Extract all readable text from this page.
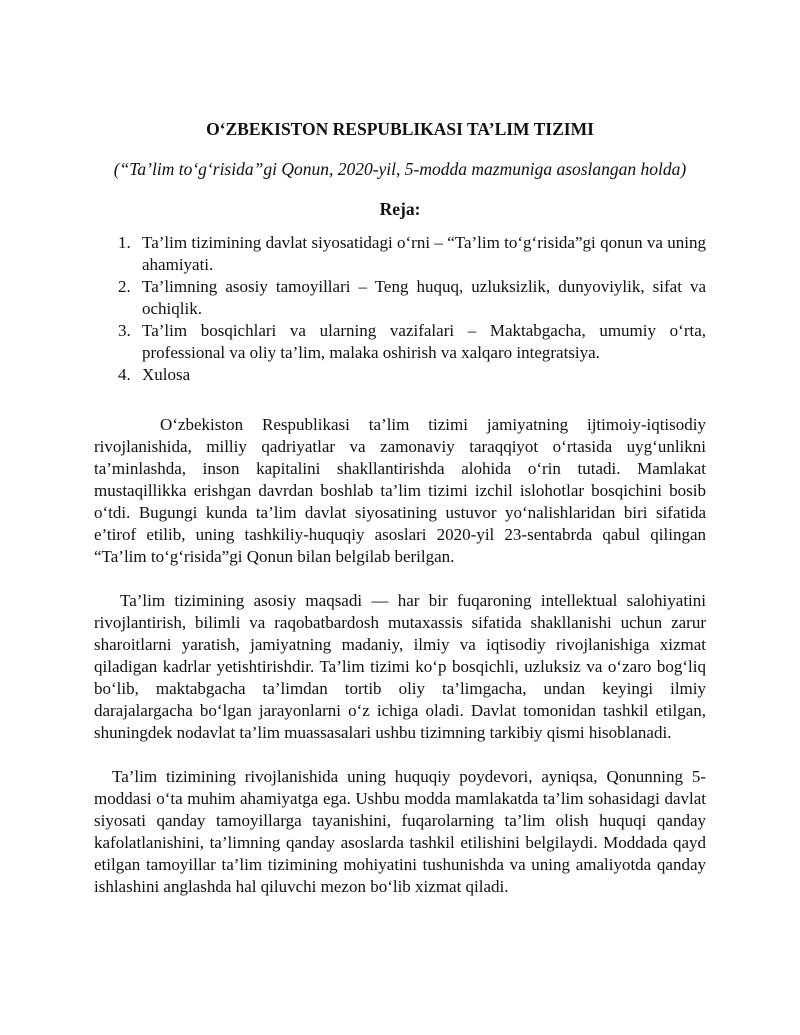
O‘ZBEKISTON RESPUBLIKASI TA’LIM TIZIMI

(“Ta’lim to‘g‘risida”gi Qonun, 2020-yil, 5-modda mazmuniga asoslangan holda)

Reja:

1. Ta’lim tizimining davlat siyosatidagi o‘rni – “Ta’lim to‘g‘risida”gi qonun va uning ahamiyati.
2. Ta’limning asosiy tamoyillari – Teng huquq, uzluksizlik, dunyoviylik, sifat va ochiqlik.
3. Ta’lim bosqichlari va ularning vazifalari – Maktabgacha, umumiy o‘rta, professional va oliy ta’lim, malaka oshirish va xalqaro integratsiya.
4. Xulosa

O‘zbekiston Respublikasi ta’lim tizimi jamiyatning ijtimoiy-iqtisodiy rivojlanishida, milliy qadriyatlar va zamonaviy taraqqiyot o‘rtasida uyg‘unlikni ta’minlashda, inson kapitalini shakllantirishda alohida o‘rin tutadi. Mamlakat mustaqillikka erishgan davrdan boshlab ta’lim tizimi izchil islohotlar bosqichini bosib o‘tdi. Bugungi kunda ta’lim davlat siyosatining ustuvor yo‘nalishlaridan biri sifatida e’tirof etilib, uning tashkiliy-huquqiy asoslari 2020-yil 23-sentabrda qabul qilingan “Ta’lim to‘g‘risida”gi Qonun bilan belgilab berilgan.

Ta’lim tizimining asosiy maqsadi — har bir fuqaroning intellektual salohiyatini rivojlantirish, bilimli va raqobatbardosh mutaxassis sifatida shakllanishi uchun zarur sharoitlarni yaratish, jamiyatning madaniy, ilmiy va iqtisodiy rivojlanishiga xizmat qiladigan kadrlar yetishtirishdir. Ta’lim tizimi ko‘p bosqichli, uzluksiz va o‘zaro bog‘liq bo‘lib, maktabgacha ta’limdan tortib oliy ta’limgacha, undan keyingi ilmiy darajalargacha bo‘lgan jarayonlarni o‘z ichiga oladi. Davlat tomonidan tashkil etilgan, shuningdek nodavlat ta’lim muassasalari ushbu tizimning tarkibiy qismi hisoblanadi.

Ta’lim tizimining rivojlanishida uning huquqiy poydevori, ayniqsa, Qonunning 5-moddasi o‘ta muhim ahamiyatga ega. Ushbu modda mamlakatda ta’lim sohasidagi davlat siyosati qanday tamoyillarga tayanishini, fuqarolarning ta’lim olish huquqi qanday kafolatlanishini, ta’limning qanday asoslarda tashkil etilishini belgilaydi. Moddada qayd etilgan tamoyillar ta’lim tizimining mohiyatini tushunishda va uning amaliyotda qanday ishlashini anglashda hal qiluvchi mezon bo‘lib xizmat qiladi.
